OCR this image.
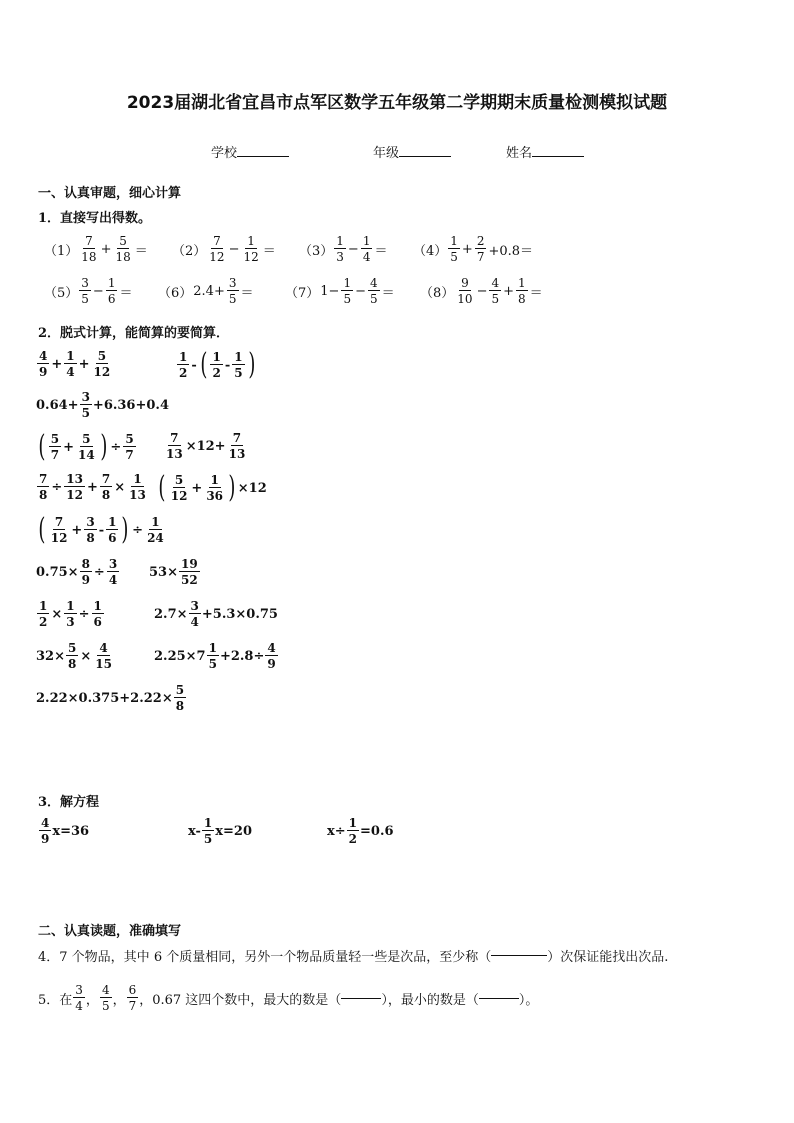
2023届湖北省宜昌市点军区数学五年级第二学期期末质量检测模拟试题
学校	年级	姓名
一、认真审题，细心计算
1．直接写出得数。
$(1) \frac{7}{18} + \frac{5}{18} = (2) \frac{7}{12} - \frac{1}{12} = (3) \frac{1}{3} - \frac{1}{4} = (4) \frac{1}{5} + \frac{2}{7} +0.8=$
$(5) \frac{3}{5} - \frac{1}{6} = (6)$ $2.4+ \frac{3}{5} = (7)$ $1- \frac{1}{5} - \frac{4}{5} = (8) \frac{9}{10} - \frac{4}{5} + \frac{1}{8}$ ＝
2．脱式计算，能简算的要简算．
$\frac{4}{9} + \frac{1}{4} + \frac{5}{12}$	$\frac{1}{2}$ - ( $\frac{1}{2} - \frac{1}{5}$ )
$0.64+ \frac{3}{5} +6.36+0.4$
( $\frac{5}{7} + \frac{5}{14}$ ) ÷ $\frac{5}{7} \frac{7}{13} \times 12+ \frac{7}{13}$
$\frac{7}{8} \div \frac{13}{12} + \frac{7}{8} \times \frac{1}{13}$ ( $\frac{5}{12} + \frac{1}{36}$ ) ×12
( $\frac{7}{12} + \frac{3}{8} - \frac{1}{6}$ ) ÷ $\frac{1}{24}$
$0.75\times \frac{8}{9} \div \frac{3}{4} 53\times \frac{19}{52}$
$\frac{1}{2} \times \frac{1}{3} \div \frac{1}{6}$	$2.7\times \frac{3}{4} +5.3\times 0.75$
$32\times \frac{5}{8} \times \frac{4}{15}$	$2.25\times 7 \frac{1}{5} +2.8\div \frac{4}{9}$
$2.22\times 0.375+2.22\times \frac{5}{8}$
3．解方程
$\frac{4}{9} x=36$	$x- \frac{1}{5} x=20$	$x\div \frac{1}{2} =0.6$
二、认真读题，准确填写
4． 7 个物品，其中 6 个质量相同，另外一个物品质量轻一些是次品，至少称（	）次保证能找出次品.
5．在 $\frac{3}{4}$ ， $\frac{4}{5}$ ， $\frac{6}{7}$ ，0.67 这四个数中，最大的数是（	），最小的数是（	）。
